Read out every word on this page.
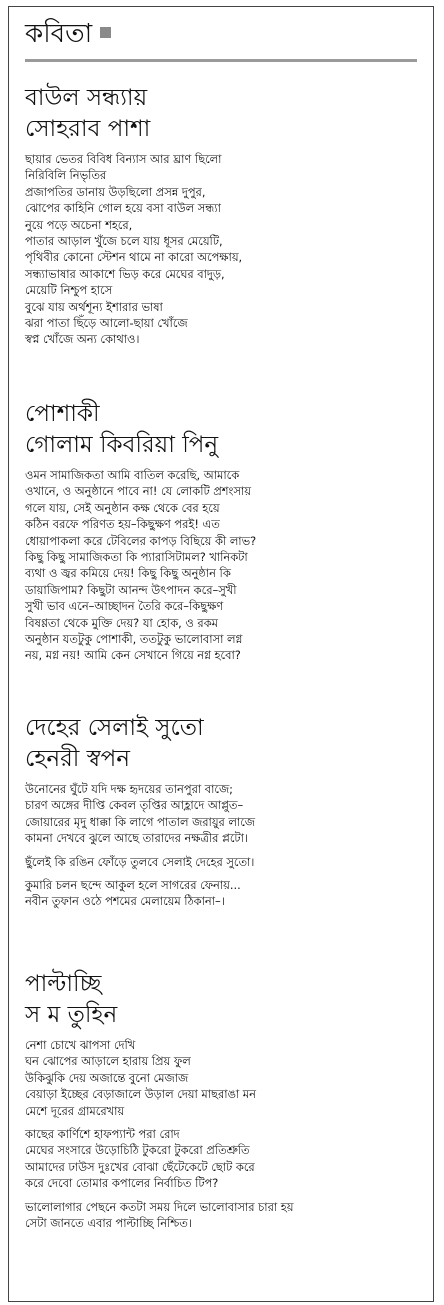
কবিতা
বাউল সন্ধ্যায়
সোহরাব পাশা
ছায়ার ভেতর বিবিধ বিন্যাস আর ঘ্রাণ ছিলো
নিরিবিলি নিভৃতির
প্রজাপতির ডানায় উড়ছিলো প্রসন্ন দুপুর,
ঝোপের কাহিনি গোল হয়ে বসা বাউল সন্ধ্যা
নুয়ে পড়ে অচেনা শহরে,
পাতার আড়াল খুঁজে চলে যায় ধূসর মেয়েটি,
পৃথিবীর কোনো স্টেশন থামে না কারো অপেক্ষায়,
সন্ধ্যাভাষার আকাশে ভিড় করে মেঘের বাদুড়,
মেয়েটি নিশ্চুপ হাসে
বুঝে যায় অর্থশূন্য ইশারার ভাষা
ঝরা পাতা ছিঁড়ে আলো-ছায়া খোঁজে
স্বপ্ন খোঁজে অন্য কোথাও।
পোশাকী
গোলাম কিবরিয়া পিনু
ওমন সামাজিকতা আমি বাতিল করেছি, আমাকে
ওখানে, ও অনুষ্ঠানে পাবে না! যে লোকটি প্রশংসায়
গলে যায়, সেই অনুষ্ঠান কক্ষ থেকে বের হয়ে
কঠিন বরফে পরিণত হয়–কিছুক্ষণ পরই! এত
ধোয়াপাকলা করে টেবিলের কাপড় বিছিয়ে কী লাভ?
কিছু কিছু সামাজিকতা কি প্যারাসিটামল? খানিকটা
ব্যথা ও জ্বর কমিয়ে দেয়! কিছু কিছু অনুষ্ঠান কি
ডায়াজিপাম? কিছুটা আনন্দ উৎপাদন করে–সুখী
সুখী ভাব এনে–আচ্ছাদন তৈরি করে–কিছুক্ষণ
বিষণ্ণতা থেকে মুক্তি দেয়? যা হোক, ও রকম
অনুষ্ঠান যতটুকু পোশাকী, ততটুকু ভালোবাসা লগ্ন
নয়, মগ্ন নয়! আমি কেন সেখানে গিয়ে নগ্ন হবো?
দেহের সেলাই সুতো
হেনরী স্বপন
উনোনের ঘুঁটে যদি দক্ষ হৃদয়ের তানপুরা বাজে;
চারণ অঙ্গের দীপ্তি কেবল তৃপ্তির আহ্লাদে আপ্লুত–
জোয়ারের মৃদু ধাক্কা কি লাগে পাতাল জরায়ুর লাজে
কামনা দেখবে ঝুলে আছে তারাদের নক্ষত্রীর প্লটো।
ছুঁলেই কি রঙিন ফোঁড়ে তুলবে সেলাই দেহের সুতো।
কুমারি চলন ছন্দে আকুল হলে সাগরের ফেনায়...
নবীন তুফান ওঠে পশমের মেলায়েম ঠিকানা–।
পাল্টাচ্ছি
স ম তুহিন
নেশা চোখে ঝাপসা দেখি
ঘন ঝোপের আড়ালে হারায় প্রিয় ফুল
উকিঝুকি দেয় অজান্তে বুনো মেজাজ
বেয়াড়া ইচ্ছের বেড়াজালে উড়াল দেয়া মাছরাঙা মন
মেশে দূরের গ্রামরেখায়
কাছের কার্ণিশে হাফপ্যান্ট পরা রোদ
মেঘের সংসারে উড়োচিঠি টুকরো টুকরো প্রতিশ্রুতি
আমাদের ঢাউস দুঃখের বোঝা ছেঁটেকেটে ছোট করে
করে দেবো তোমার কপালের নির্বাচিত টিপ?
ভালোলাগার পেছনে কতটা সময় দিলে ভালোবাসার চারা হয়
সেটা জানতে এবার পাল্টাচ্ছি নিশ্চিত।
